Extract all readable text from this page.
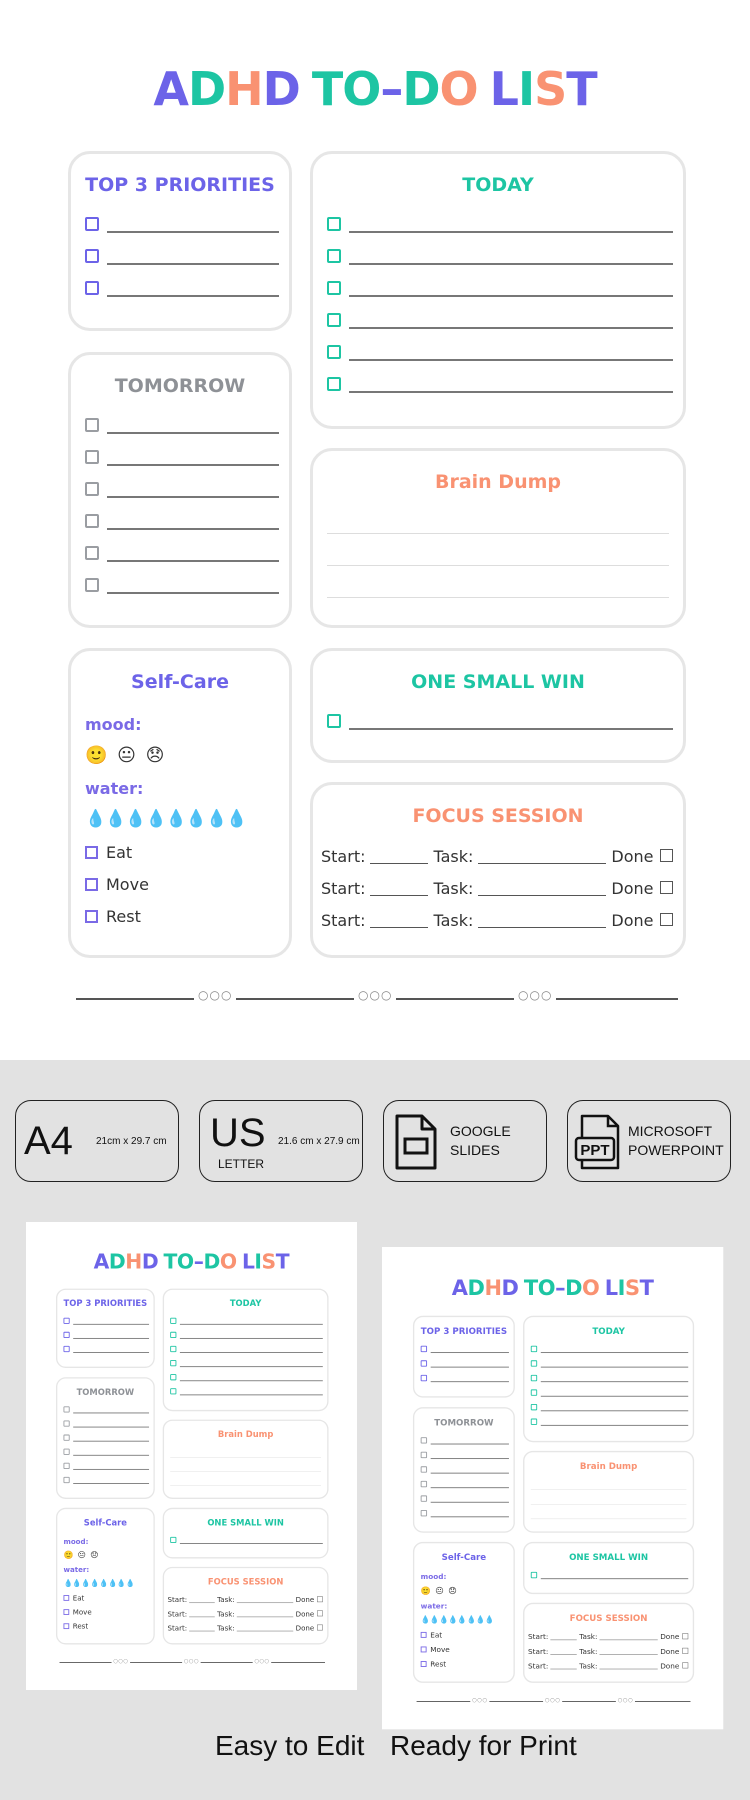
ADHD TO–DO LIST
TOP 3 PRIORITIES	TODAY
TOMORROW
Brain Dump
Self-Care
mood:
🙂 😐 😞
water:
💧💧💧💧💧💧💧💧
Eat
Move
Rest
ONE SMALL WIN
FOCUS SESSION
Start:	Task:	Done
Start:	Task:	Done
Start:	Task:	Done
○○○	○○○	○○○
A4 21cm x 29.7 cm US
LETTER
21.6 cm x 27.9 cm
GOOGLE
SLIDES	PPT
MICROSOFT
POWERPOINT
ADHD TO–DO LIST
TOP 3 PRIORITIES	TODAY
TOMORROW
Brain Dump
Self-Care
mood:
🙂 😐 😞
water:
💧💧💧💧💧💧💧💧
Eat
Move
Rest
ONE SMALL WIN
FOCUS SESSION
Start: Task:	Done
Start: Task:	Done
Start: Task:	Done
○○○	○○○	○○○
ADHD TO–DO LIST
TOP 3 PRIORITIES	TODAY
TOMORROW
Brain Dump
Self-Care
mood:
🙂 😐 😞
water:
💧💧💧💧💧💧💧💧
Eat
Move
Rest
ONE SMALL WIN
FOCUS SESSION
Start: Task:	Done
Start: Task:	Done
Start: Task:	Done
○○○	○○○	○○○
Easy to Edit Ready for Print
